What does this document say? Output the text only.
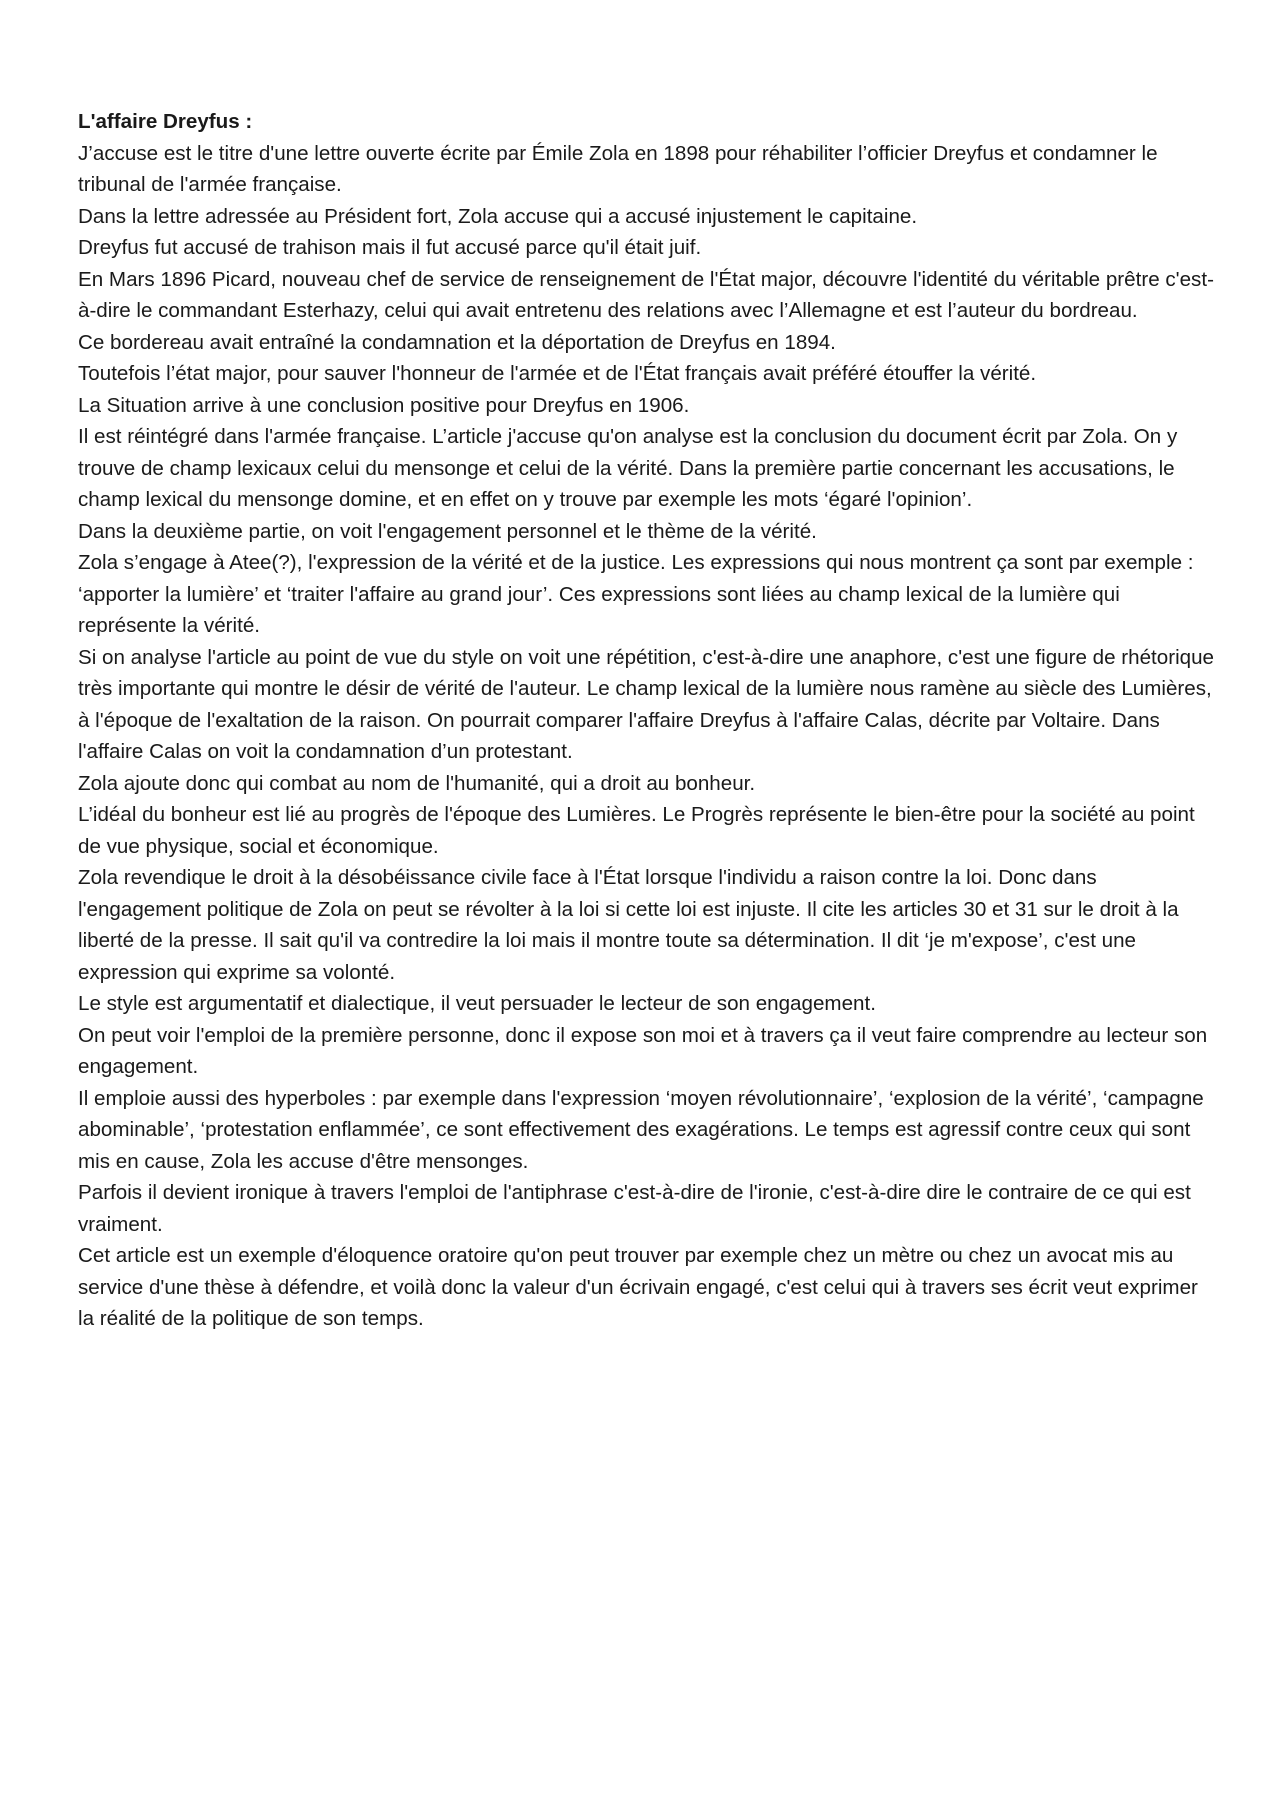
L'affaire Dreyfus :

J’accuse est le titre d'une lettre ouverte écrite par Émile Zola en 1898 pour réhabiliter l’officier Dreyfus et condamner le tribunal de l'armée française.

Dans la lettre adressée au Président fort, Zola accuse qui a accusé injustement le capitaine.

Dreyfus fut accusé de trahison mais il fut accusé parce qu'il était juif.

En Mars 1896 Picard, nouveau chef de service de renseignement de l'État major, découvre l'identité du véritable prêtre c'est-à-dire le commandant Esterhazy, celui qui avait entretenu des relations avec l’Allemagne et est l’auteur du bordreau.

Ce bordereau avait entraîné la condamnation et la déportation de Dreyfus en 1894.

Toutefois l’état major, pour sauver l'honneur de l'armée et de l'État français avait préféré étouffer la vérité.

La Situation arrive à une conclusion positive pour Dreyfus en 1906.

Il est réintégré dans l'armée française. L’article j'accuse qu'on analyse est la conclusion du document écrit par Zola. On y trouve de champ lexicaux celui du mensonge et celui de la vérité. Dans la première partie concernant les accusations, le champ lexical du mensonge domine, et en effet on y trouve par exemple les mots ‘égaré l'opinion’.

Dans la deuxième partie, on voit l'engagement personnel et le thème de la vérité.

Zola s’engage à Atee(?), l'expression de la vérité et de la justice. Les expressions qui nous montrent ça sont par exemple : ‘apporter la lumière’ et ‘traiter l'affaire au grand jour’. Ces expressions sont liées au champ lexical de la lumière qui représente la vérité.

Si on analyse l'article au point de vue du style on voit une répétition, c'est-à-dire une anaphore, c'est une figure de rhétorique très importante qui montre le désir de vérité de l'auteur. Le champ lexical de la lumière nous ramène au siècle des Lumières, à l'époque de l'exaltation de la raison. On pourrait comparer l'affaire Dreyfus à l'affaire Calas, décrite par Voltaire. Dans l'affaire Calas on voit la condamnation d’un protestant.

Zola ajoute donc qui combat au nom de l'humanité, qui a droit au bonheur.

L’idéal du bonheur est lié au progrès de l'époque des Lumières. Le Progrès représente le bien-être pour la société au point de vue physique, social et économique.

Zola revendique le droit à la désobéissance civile face à l'État lorsque l'individu a raison contre la loi. Donc dans l'engagement politique de Zola on peut se révolter à la loi si cette loi est injuste. Il cite les articles 30 et 31 sur le droit à la liberté de la presse. Il sait qu'il va contredire la loi mais il montre toute sa détermination. Il dit ‘je m'expose’, c'est une expression qui exprime sa volonté.

Le style est argumentatif et dialectique, il veut persuader le lecteur de son engagement.

On peut voir l'emploi de la première personne, donc il expose son moi et à travers ça il veut faire comprendre au lecteur son engagement.

Il emploie aussi des hyperboles : par exemple dans l'expression ‘moyen révolutionnaire’, ‘explosion de la vérité’, ‘campagne abominable’, ‘protestation enflammée’, ce sont effectivement des exagérations. Le temps est agressif contre ceux qui sont mis en cause, Zola les accuse d'être mensonges.

Parfois il devient ironique à travers l'emploi de l'antiphrase c'est-à-dire de l'ironie, c'est-à-dire dire le contraire de ce qui est vraiment.

Cet article est un exemple d'éloquence oratoire qu'on peut trouver par exemple chez un mètre ou chez un avocat mis au service d'une thèse à défendre, et voilà donc la valeur d'un écrivain engagé, c'est celui qui à travers ses écrit veut exprimer la réalité de la politique de son temps.
